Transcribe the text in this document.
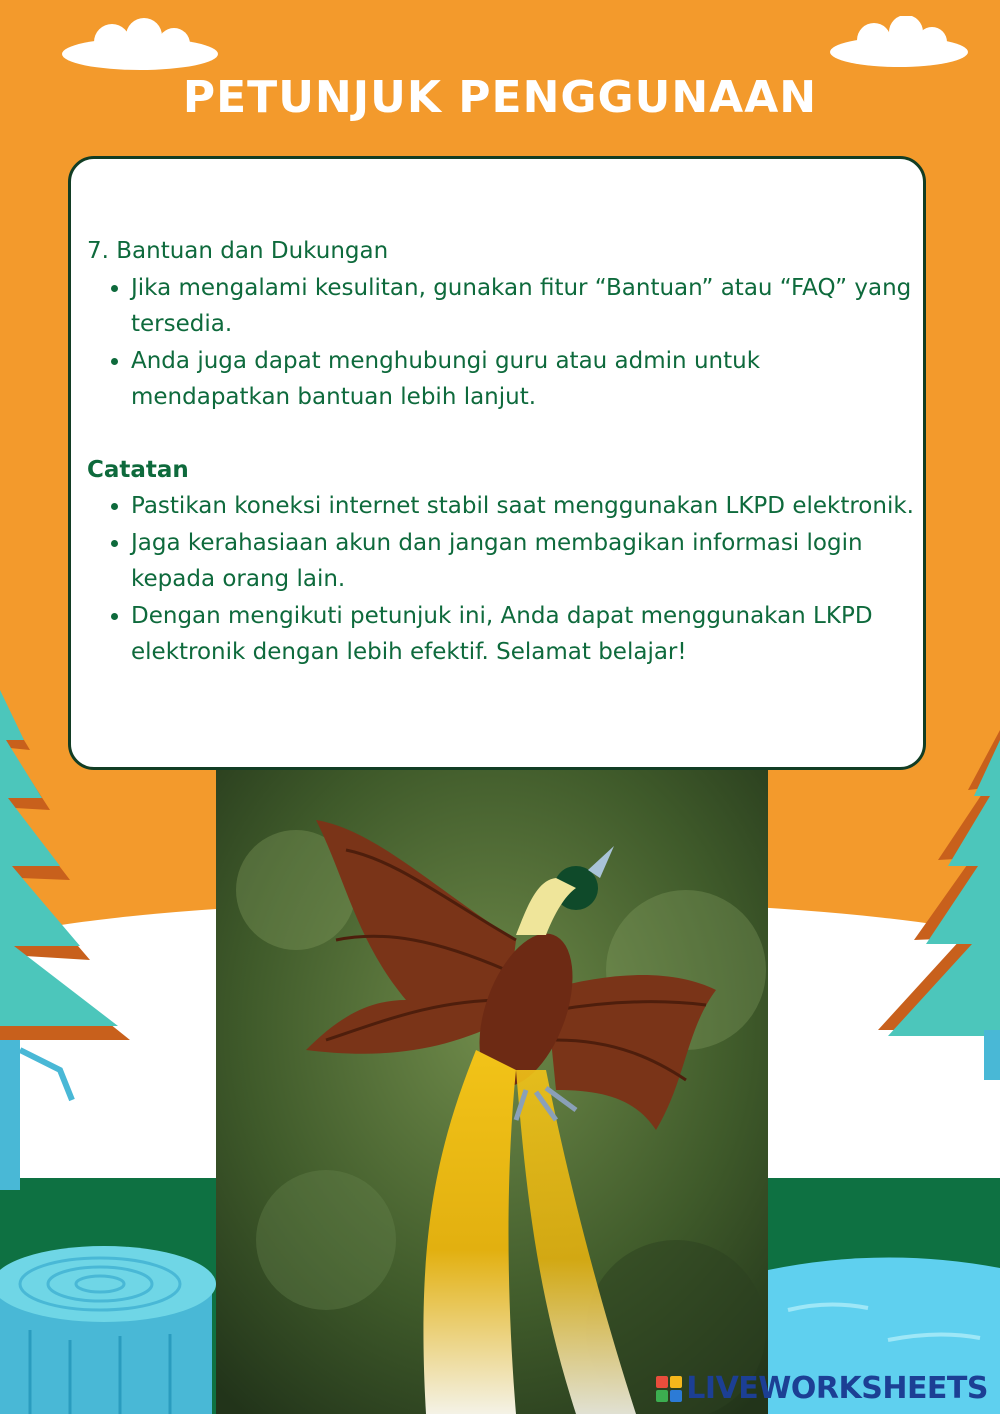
PETUNJUK PENGGUNAAN

7. Bantuan dan Dukungan

• Jika mengalami kesulitan, gunakan fitur “Bantuan” atau “FAQ” yang tersedia.
• Anda juga dapat menghubungi guru atau admin untuk mendapatkan bantuan lebih lanjut.

Catatan

• Pastikan koneksi internet stabil saat menggunakan LKPD elektronik.
• Jaga kerahasiaan akun dan jangan membagikan informasi login kepada orang lain.
• Dengan mengikuti petunjuk ini, Anda dapat menggunakan LKPD elektronik dengan lebih efektif. Selamat belajar!
LIVEWORKSHEETS
